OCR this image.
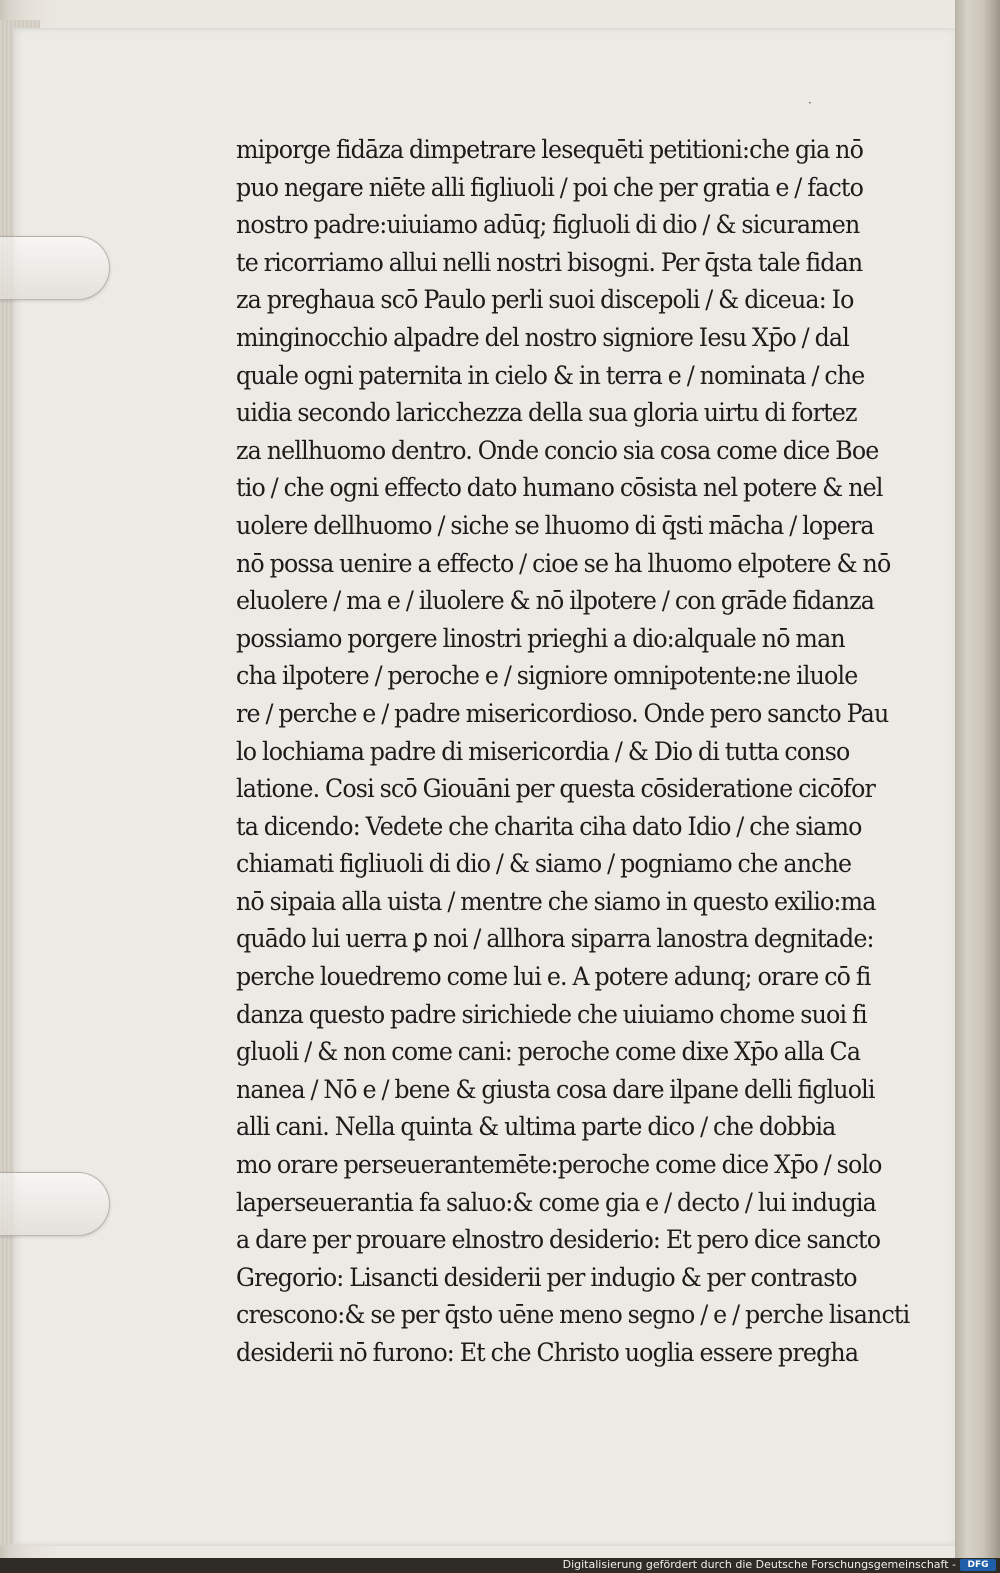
·
miporge fidāza dimpetrare lesequēti petitioni:che gia nō
puo negare niēte alli figliuoli / poi che per gratia e / facto
nostro padre:uiuiamo adūq; figluoli di dio / & sicuramen
te ricorriamo allui nelli nostri bisogni. Per q̄sta tale fidan
za preghaua scō Paulo perli suoi discepoli / & diceua: Io
minginocchio alpadre del nostro signiore Iesu Xp̄o / dal
quale ogni paternita in cielo & in terra e / nominata / che
uidia secondo laricchezza della sua gloria uirtu di fortez
za nellhuomo dentro. Onde concio sia cosa come dice Boe
tio / che ogni effecto dato humano cōsista nel potere & nel
uolere dellhuomo / siche se lhuomo di q̄sti mācha / lopera
nō possa uenire a effecto / cioe se ha lhuomo elpotere & nō
eluolere / ma e / iluolere & nō ilpotere / con grāde fidanza
possiamo porgere linostri prieghi a dio:alquale nō man
cha ilpotere / peroche e / signiore omnipotente:ne iluole
re / perche e / padre misericordioso. Onde pero sancto Pau
lo lochiama padre di misericordia / & Dio di tutta conso
latione. Cosi scō Giouāni per questa cōsideratione cicōfor
ta dicendo: Vedete che charita ciha dato Idio / che siamo
chiamati figliuoli di dio / & siamo / pogniamo che anche
nō sipaia alla uista / mentre che siamo in questo exilio:ma
quādo lui uerra ꝑ noi / allhora siparra lanostra degnitade:
perche louedremo come lui e. A potere adunq; orare cō fi
danza questo padre sirichiede che uiuiamo chome suoi fi
gluoli / & non come cani: peroche come dixe Xp̄o alla Ca
nanea / Nō e / bene & giusta cosa dare ilpane delli figluoli
alli cani. Nella quinta & ultima parte dico / che dobbia
mo orare perseuerantemēte:peroche come dice Xp̄o / solo
laperseuerantia fa saluo:& come gia e / decto / lui indugia
a dare per prouare elnostro desiderio: Et pero dice sancto
Gregorio: Lisancti desiderii per indugio & per contrasto
crescono:& se per q̄sto uēne meno segno / e / perche lisancti
desiderii nō furono: Et che Christo uoglia essere pregha
Digitalisierung gefördert durch die Deutsche Forschungsgemeinschaft -	DFG
